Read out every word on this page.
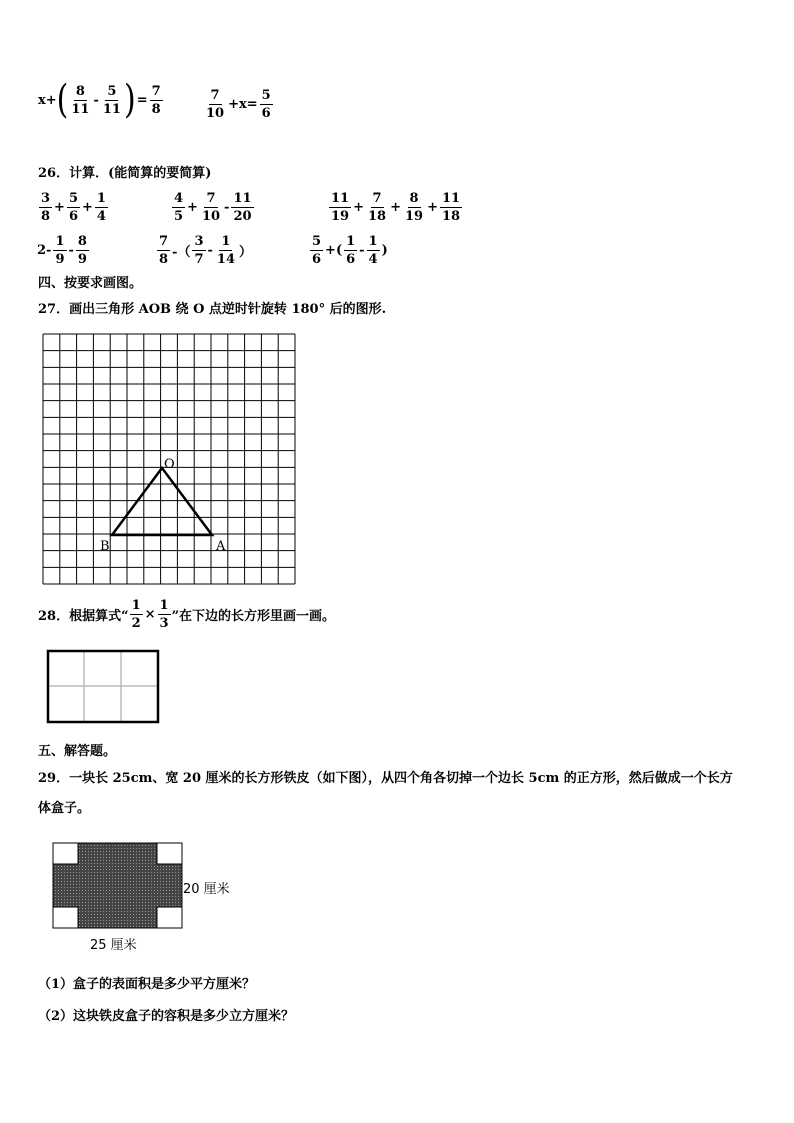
x+ ( $\frac{8}{11} - \frac{5}{11}$ ) = $\frac{7}{8}$	$\frac{7}{10} +x= \frac{5}{6}$
26．计算．(能简算的要简算)
$\frac{3}{8} + \frac{5}{6} + \frac{1}{4}$	$\frac{4}{5} + \frac{7}{10} - \frac{11}{20}$	$\frac{11}{19} + \frac{7}{18} + \frac{8}{19} + \frac{11}{18}$
$2- \frac{1}{9} - \frac{8}{9}$	$\frac{7}{8}$ -（ $\frac{3}{7} - \frac{1}{14}$ ）	$\frac{5}{6}$ +( $\frac{1}{6} - \frac{1}{4}$ )
四、按要求画图。
27．画出三角形 AOB 绕 O 点逆时针旋转 180° 后的图形.
O
B	A
28．根据算式“ $\frac{1}{2} \times \frac{1}{3}$ ”在下边的长方形里画一画。
五、解答题。
29．一块长 25cm、宽 20 厘米的长方形铁皮（如下图），从四个角各切掉一个边长 5cm 的正方形，然后做成一个长方
体盒子。
20 厘米
25 厘米
（1）盒子的表面积是多少平方厘米？
（2）这块铁皮盒子的容积是多少立方厘米？
